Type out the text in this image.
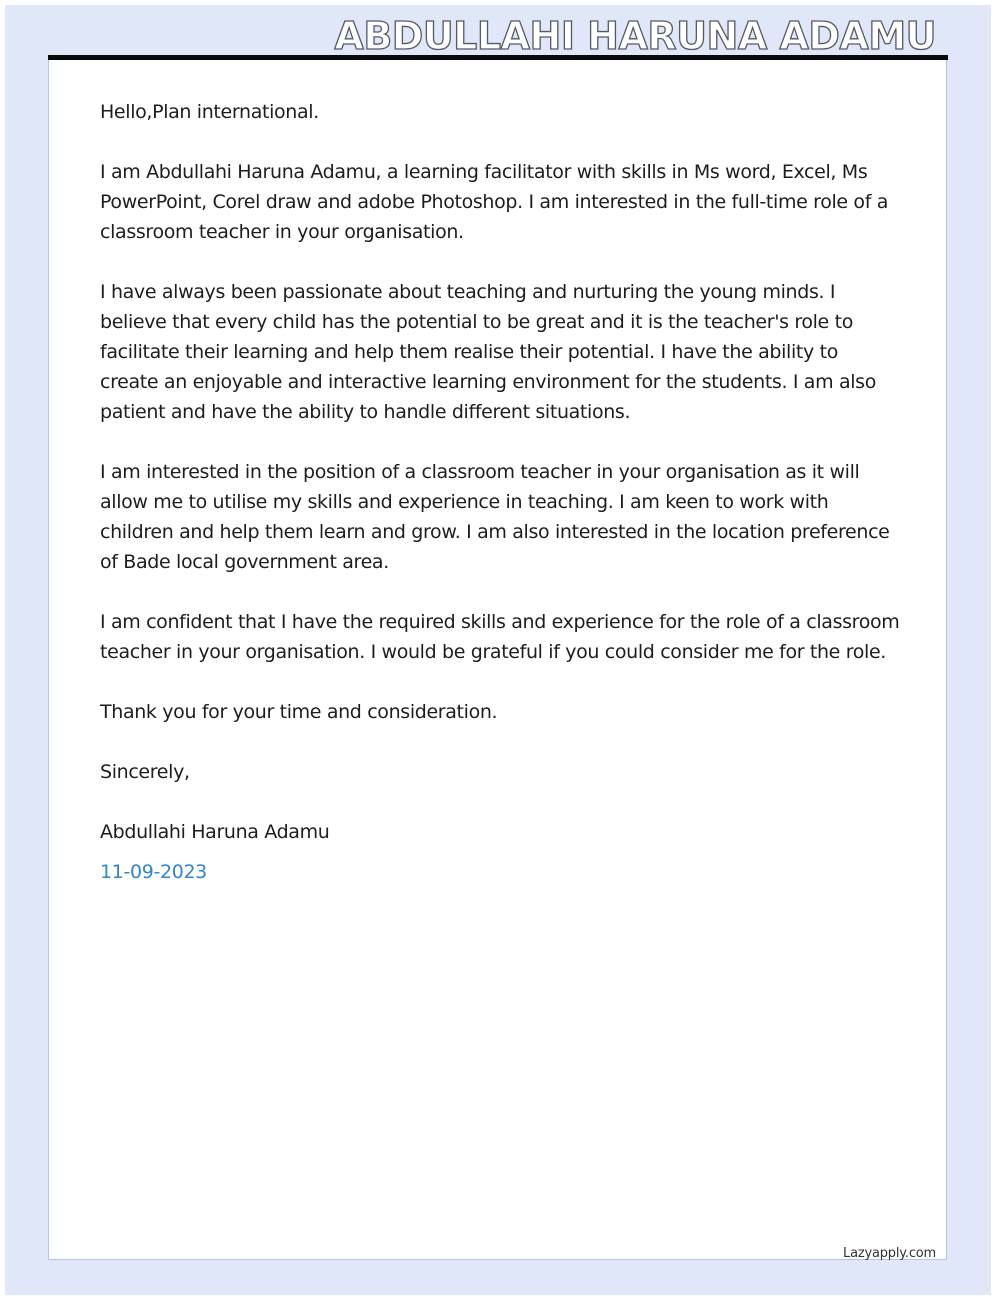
ABDULLAHI HARUNA ADAMU

Hello,Plan international.

I am Abdullahi Haruna Adamu, a learning facilitator with skills in Ms word, Excel, Ms PowerPoint, Corel draw and adobe Photoshop. I am interested in the full-time role of a classroom teacher in your organisation.

I have always been passionate about teaching and nurturing the young minds. I believe that every child has the potential to be great and it is the teacher's role to facilitate their learning and help them realise their potential. I have the ability to create an enjoyable and interactive learning environment for the students. I am also patient and have the ability to handle different situations.

I am interested in the position of a classroom teacher in your organisation as it will allow me to utilise my skills and experience in teaching. I am keen to work with children and help them learn and grow. I am also interested in the location preference of Bade local government area.

I am confident that I have the required skills and experience for the role of a classroom teacher in your organisation. I would be grateful if you could consider me for the role.

Thank you for your time and consideration.

Sincerely,

Abdullahi Haruna Adamu

11-09-2023

Lazyapply.com
